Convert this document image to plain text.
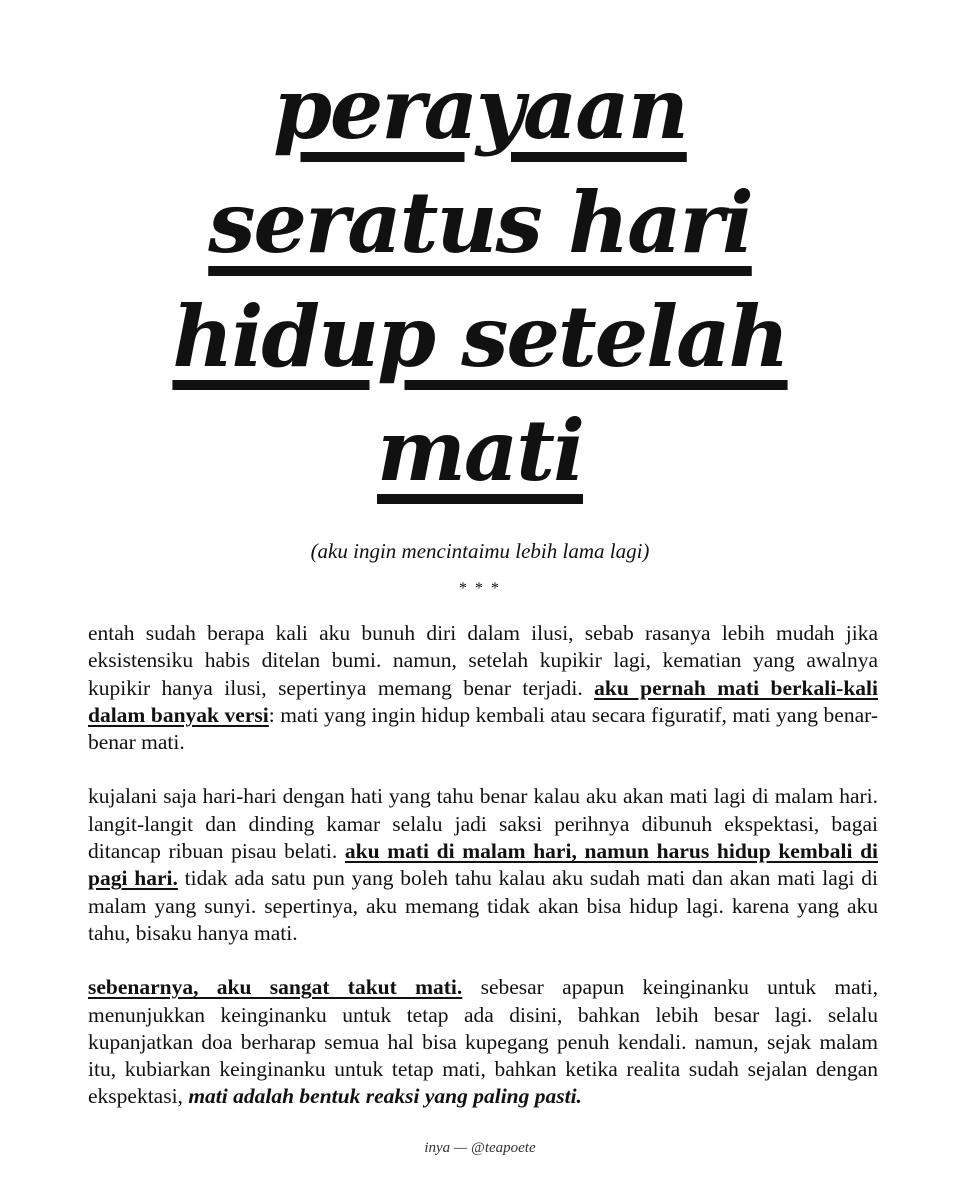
perayaan
seratus hari
hidup setelah
mati
(aku ingin mencintaimu lebih lama lagi)
* * *

entah sudah berapa kali aku bunuh diri dalam ilusi, sebab rasanya lebih mudah jika eksistensiku habis ditelan bumi. namun, setelah kupikir lagi, kematian yang awalnya kupikir hanya ilusi, sepertinya memang benar terjadi. aku pernah mati berkali-kali dalam banyak versi: mati yang ingin hidup kembali atau secara figuratif, mati yang benar-benar mati.

kujalani saja hari-hari dengan hati yang tahu benar kalau aku akan mati lagi di malam hari. langit-langit dan dinding kamar selalu jadi saksi perihnya dibunuh ekspektasi, bagai ditancap ribuan pisau belati. aku mati di malam hari, namun harus hidup kembali di pagi hari. tidak ada satu pun yang boleh tahu kalau aku sudah mati dan akan mati lagi di malam yang sunyi. sepertinya, aku memang tidak akan bisa hidup lagi. karena yang aku tahu, bisaku hanya mati.

sebenarnya, aku sangat takut mati. sebesar apapun keinginanku untuk mati, menunjukkan keinginanku untuk tetap ada disini, bahkan lebih besar lagi. selalu kupanjatkan doa berharap semua hal bisa kupegang penuh kendali. namun, sejak malam itu, kubiarkan keinginanku untuk tetap mati, bahkan ketika realita sudah sejalan dengan ekspektasi, mati adalah bentuk reaksi yang paling pasti.

inya — @teapoete
